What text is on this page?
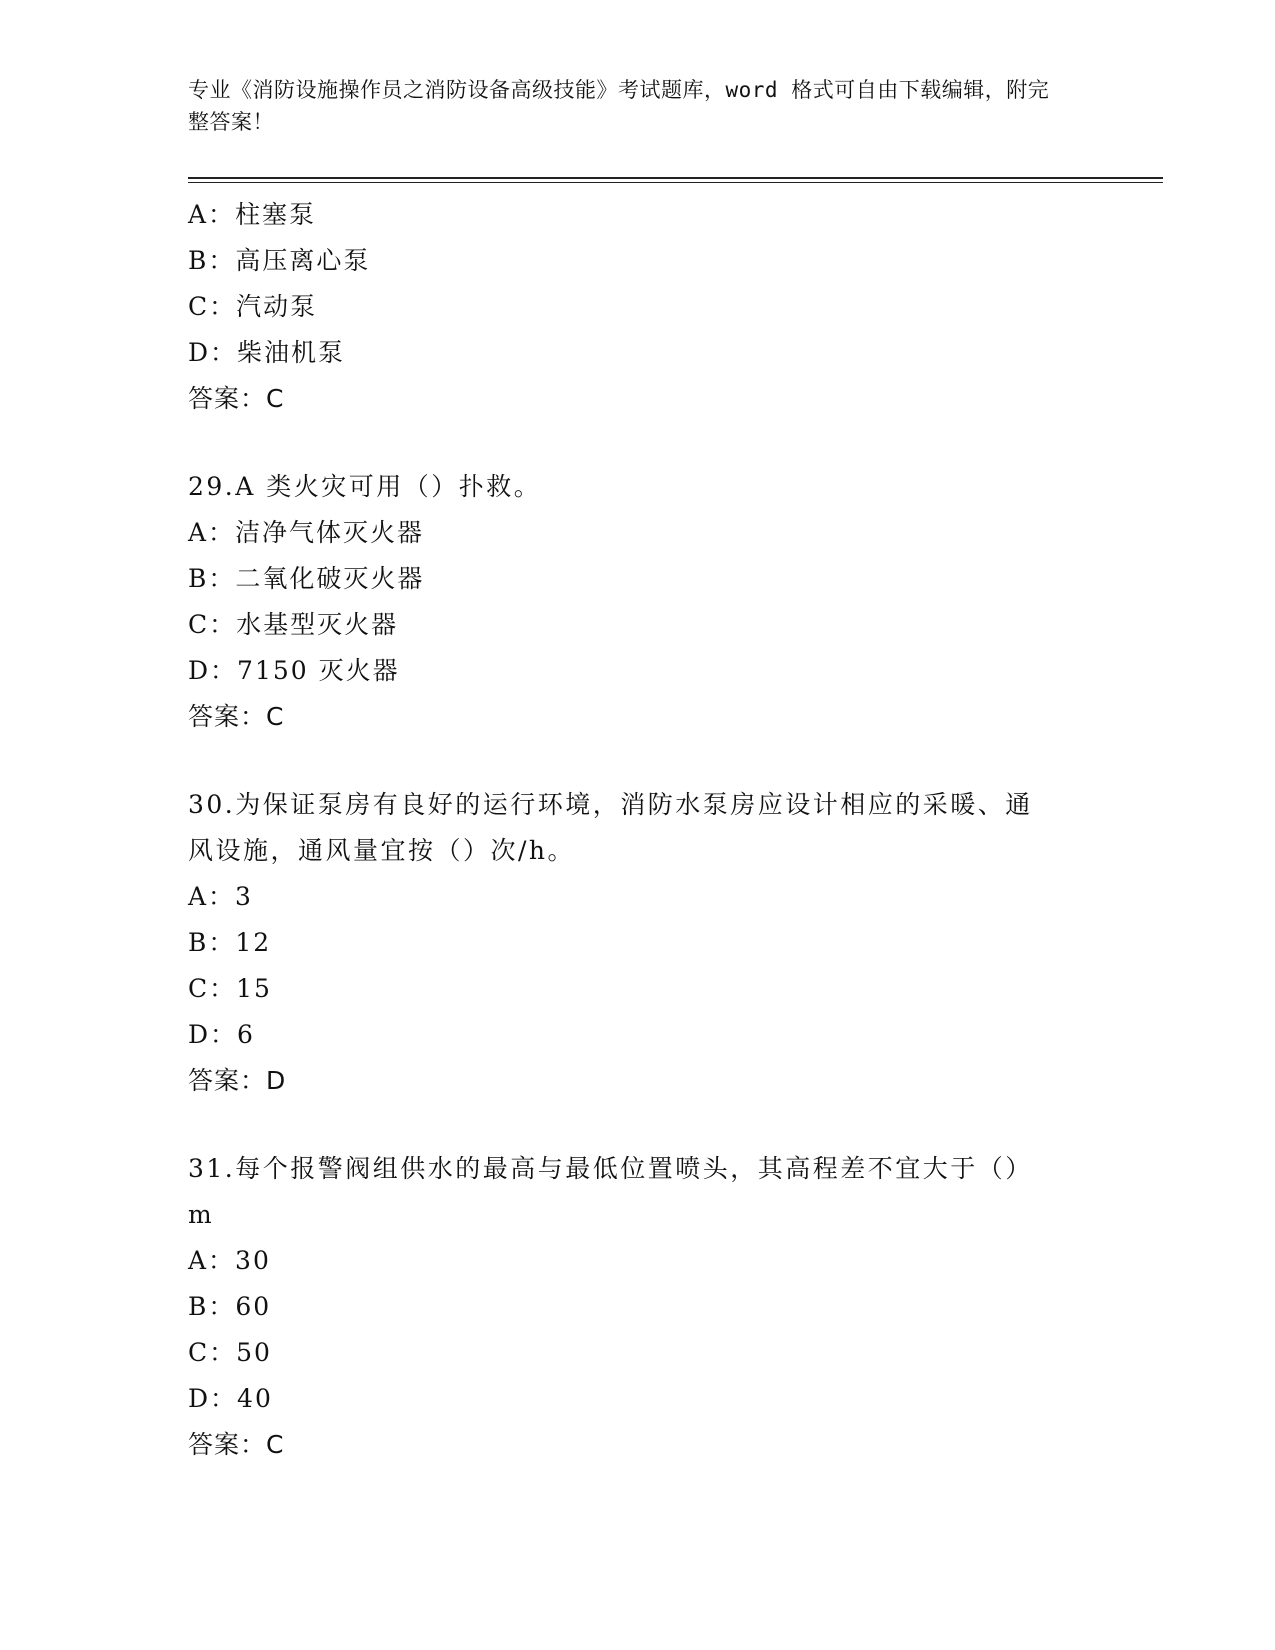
专业《消防设施操作员之消防设备高级技能》考试题库，word 格式可自由下载编辑，附完整答案！
A：柱塞泵
B：高压离心泵
C：汽动泵
D：柴油机泵
答案：C
29.A 类火灾可用（）扑救。
A：洁净气体灭火器
B：二氧化破灭火器
C：水基型灭火器
D：7150 灭火器
答案：C
30.为保证泵房有良好的运行环境，消防水泵房应设计相应的采暖、通风设施，通风量宜按（）次/h。
A：3
B：12
C：15
D：6
答案：D
31.每个报警阀组供水的最高与最低位置喷头，其高程差不宜大于（）m
A：30
B：60
C：50
D：40
答案：C
